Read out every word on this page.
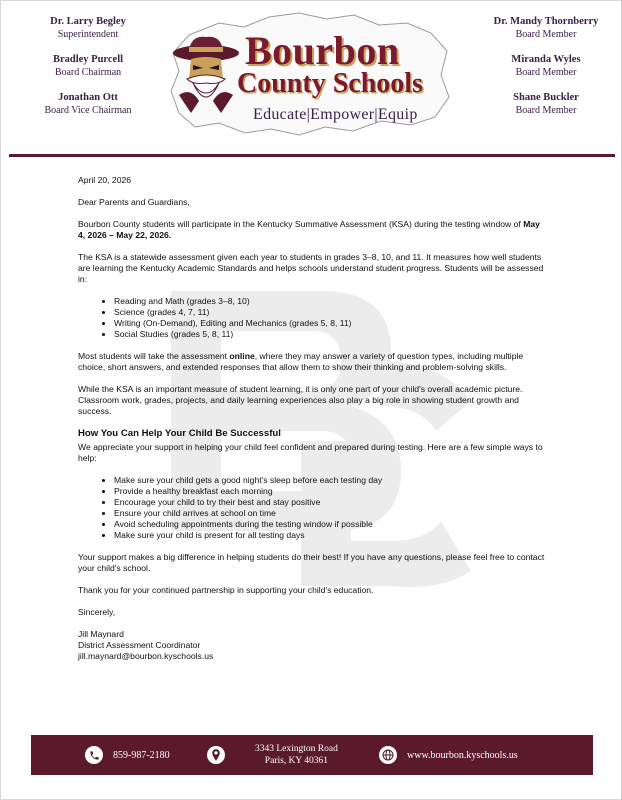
Dr. Larry Begley
Superintendent
Bradley Purcell
Board Chairman
Jonathan Ott
Board Vice Chairman
Bourbon
County Schools
Educate|Empower|Equip
Dr. Mandy Thornberry
Board Member
Miranda Wyles
Board Member
Shane Buckler
Board Member

April 20, 2026

Dear Parents and Guardians,

Bourbon County students will participate in the Kentucky Summative Assessment (KSA) during the testing window of May 4, 2026 – May 22, 2026.

The KSA is a statewide assessment given each year to students in grades 3–8, 10, and 11. It measures how well students are learning the Kentucky Academic Standards and helps schools understand student progress. Students will be assessed in:

• Reading and Math (grades 3–8, 10)
• Science (grades 4, 7, 11)
• Writing (On-Demand), Editing and Mechanics (grades 5, 8, 11)
• Social Studies (grades 5, 8, 11)

Most students will take the assessment online, where they may answer a variety of question types, including multiple choice, short answers, and extended responses that allow them to show their thinking and problem-solving skills.

While the KSA is an important measure of student learning, it is only one part of your child's overall academic picture. Classroom work, grades, projects, and daily learning experiences also play a big role in showing student growth and success.

How You Can Help Your Child Be Successful

We appreciate your support in helping your child feel confident and prepared during testing. Here are a few simple ways to help:

• Make sure your child gets a good night's sleep before each testing day
• Provide a healthy breakfast each morning
• Encourage your child to try their best and stay positive
• Ensure your child arrives at school on time
• Avoid scheduling appointments during the testing window if possible
• Make sure your child is present for all testing days

Your support makes a big difference in helping students do their best! If you have any questions, please feel free to contact your child's school.

Thank you for your continued partnership in supporting your child's education.

Sincerely,

Jill Maynard
District Assessment Coordinator
jill.maynard@bourbon.kyschools.us
859-987-2180
3343 Lexington Road
Paris, KY 40361
www.bourbon.kyschools.us
